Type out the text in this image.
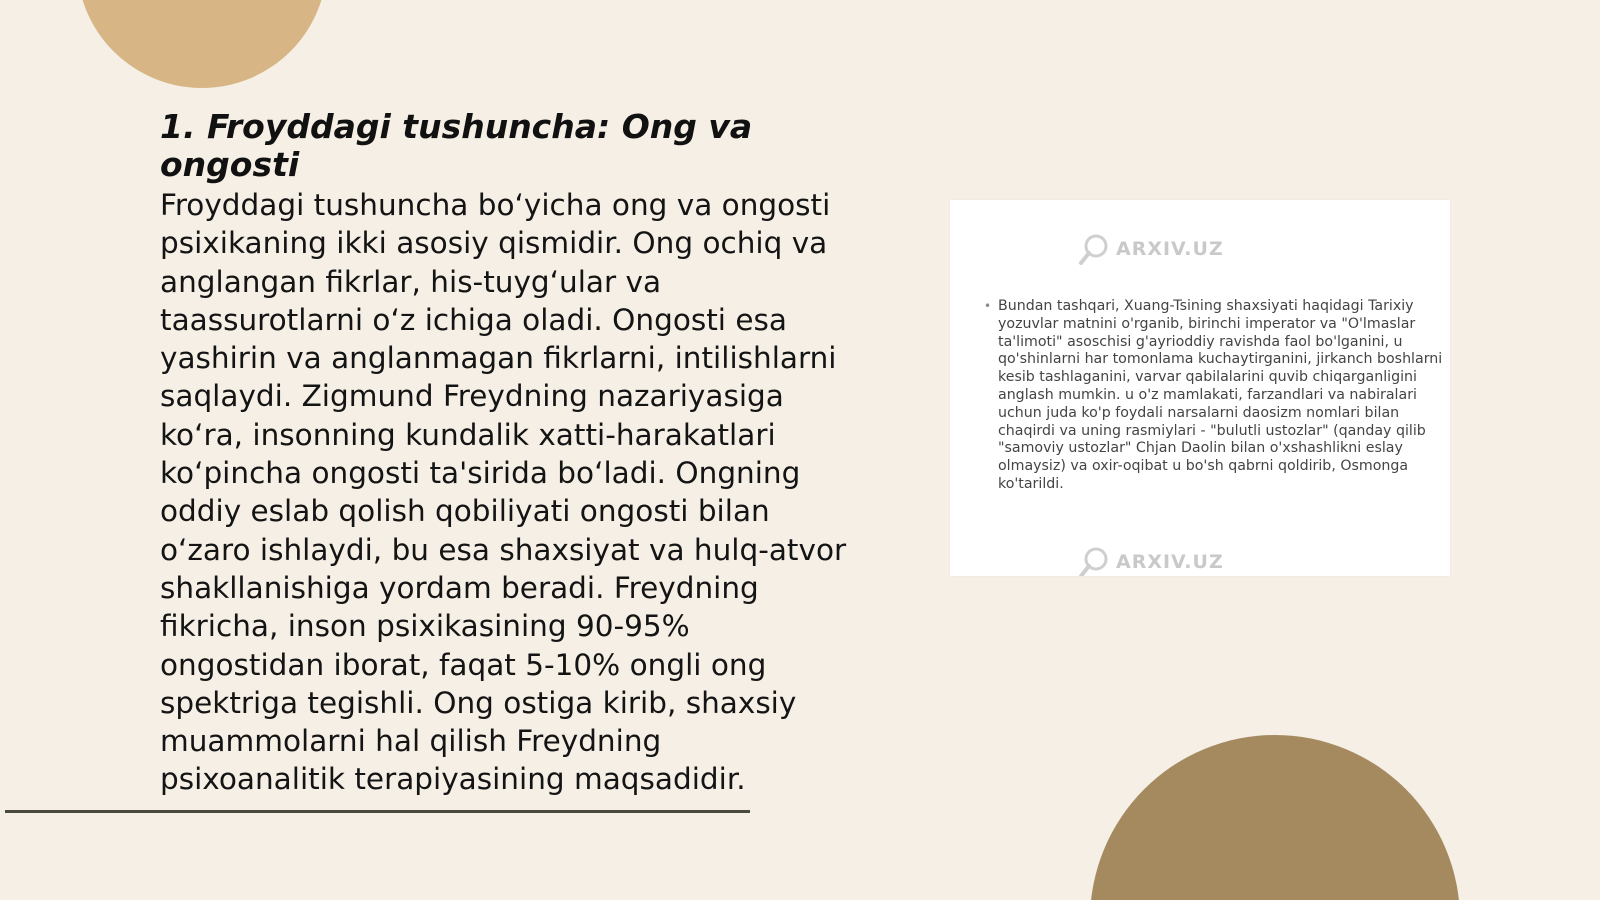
1. Froyddagi tushuncha: Ong va ongosti

Froyddagi tushuncha boʻyicha ong va ongosti psixikaning ikki asosiy qismidir. Ong ochiq va anglangan fikrlar, his-tuygʻular va taassurotlarni oʻz ichiga oladi. Ongosti esa yashirin va anglanmagan fikrlarni, intilishlarni saqlaydi. Zigmund Freydning nazariyasiga koʻra, insonning kundalik xatti-harakatlari koʻpincha ongosti ta'sirida boʻladi. Ongning oddiy eslab qolish qobiliyati ongosti bilan oʻzaro ishlaydi, bu esa shaxsiyat va hulq-atvor shakllanishiga yordam beradi. Freydning fikricha, inson psixikasining 90-95% ongostidan iborat, faqat 5-10% ongli ong spektriga tegishli. Ong ostiga kirib, shaxsiy muammolarni hal qilish Freydning psixoanalitik terapiyasining maqsadidir.

ARXIV.UZ
• Bundan tashqari, Xuang-Tsining shaxsiyati haqidagi Tarixiy yozuvlar matnini o'rganib, birinchi imperator va "O'lmaslar ta'limoti" asoschisi g'ayrioddiy ravishda faol bo'lganini, u qo'shinlarni har tomonlama kuchaytirganini, jirkanch boshlarni kesib tashlaganini, varvar qabilalarini quvib chiqarganligini anglash mumkin. u o'z mamlakati, farzandlari va nabiralari uchun juda ko'p foydali narsalarni daosizm nomlari bilan chaqirdi va uning rasmiylari - "bulutli ustozlar" (qanday qilib "samoviy ustozlar" Chjan Daolin bilan o'xshashlikni eslay olmaysiz) va oxir-oqibat u bo'sh qabrni qoldirib, Osmonga ko'tarildi.
ARXIV.UZ
